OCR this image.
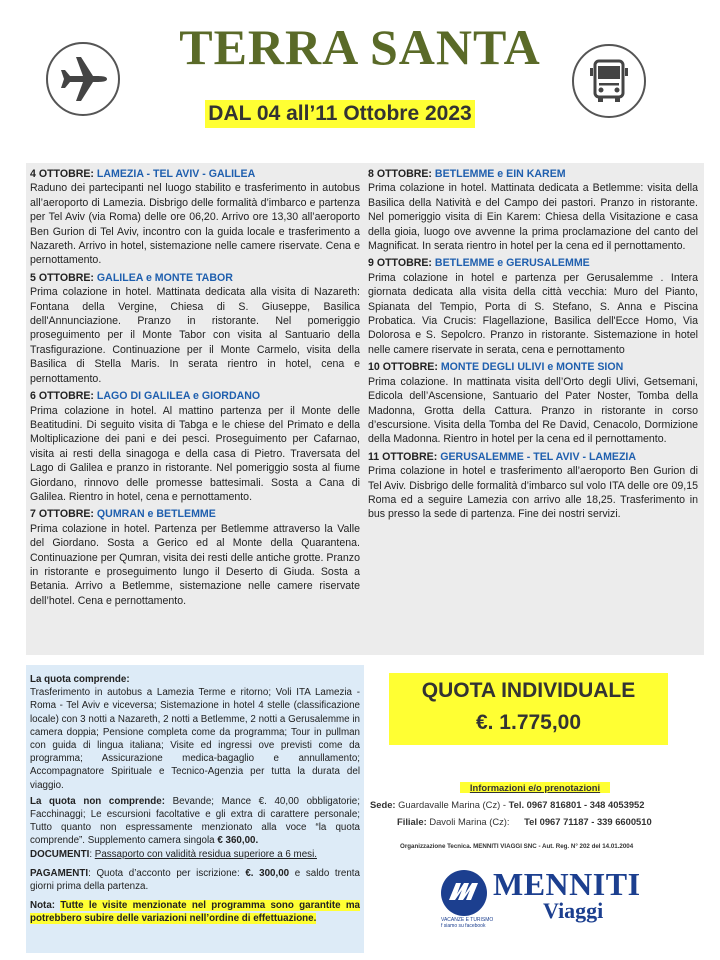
TERRA SANTA
DAL 04 all’11 Ottobre 2023
4 OTTOBRE: LAMEZIA - TEL AVIV - GALILEA
Raduno dei partecipanti nel luogo stabilito e trasferimento in autobus all’aeroporto di Lamezia. Disbrigo delle formalità d’imbarco e partenza per Tel Aviv (via Roma) delle ore 06,20. Arrivo ore 13,30 all’aeroporto Ben Gurion di Tel Aviv, incontro con la guida locale e trasferimento a Nazareth. Arrivo in hotel, sistemazione nelle camere riservate. Cena e pernottamento.
5 OTTOBRE: GALILEA e MONTE TABOR
Prima colazione in hotel. Mattinata dedicata alla visita di Nazareth: Fontana della Vergine, Chiesa di S. Giuseppe, Basilica dell'Annunciazione. Pranzo in ristorante. Nel pomeriggio proseguimento per il Monte Tabor con visita al Santuario della Trasfigurazione. Continuazione per il Monte Carmelo, visita della Basilica di Stella Maris. In serata rientro in hotel, cena e pernottamento.
6 OTTOBRE: LAGO DI GALILEA e GIORDANO
Prima colazione in hotel. Al mattino partenza per il Monte delle Beatitudini. Di seguito visita di Tabga e le chiese del Primato e della Moltiplicazione dei pani e dei pesci. Proseguimento per Cafarnao, visita ai resti della sinagoga e della casa di Pietro. Traversata del Lago di Galilea e pranzo in ristorante. Nel pomeriggio sosta al fiume Giordano, rinnovo delle promesse battesimali. Sosta a Cana di Galilea. Rientro in hotel, cena e pernottamento.
7 OTTOBRE: QUMRAN e BETLEMME
Prima colazione in hotel. Partenza per Betlemme attraverso la Valle del Giordano. Sosta a Gerico ed al Monte della Quarantena. Continuazione per Qumran, visita dei resti delle antiche grotte. Pranzo in ristorante e proseguimento lungo il Deserto di Giuda. Sosta a Betania. Arrivo a Betlemme, sistemazione nelle camere riservate dell’hotel. Cena e pernottamento.
8 OTTOBRE: BETLEMME e EIN KAREM
Prima colazione in hotel. Mattinata dedicata a Betlemme: visita della Basilica della Natività e del Campo dei pastori. Pranzo in ristorante. Nel pomeriggio visita di Ein Karem: Chiesa della Visitazione e casa della gioia, luogo ove avvenne la prima proclamazione del canto del Magnificat. In serata rientro in hotel per la cena ed il pernottamento.
9 OTTOBRE: BETLEMME e GERUSALEMME
Prima colazione in hotel e partenza per Gerusalemme . Intera giornata dedicata alla visita della città vecchia: Muro del Pianto, Spianata del Tempio, Porta di S. Stefano, S. Anna e Piscina Probatica. Via Crucis: Flagellazione, Basilica dell'Ecce Homo, Via Dolorosa e S. Sepolcro. Pranzo in ristorante. Sistemazione in hotel nelle camere riservate in serata, cena e pernottamento
10 OTTOBRE: MONTE DEGLI ULIVI e MONTE SION
Prima colazione. In mattinata visita dell’Orto degli Ulivi, Getsemani, Edicola dell’Ascensione, Santuario del Pater Noster, Tomba della Madonna, Grotta della Cattura. Pranzo in ristorante in corso d’escursione. Visita della Tomba del Re David, Cenacolo, Dormizione della Madonna. Rientro in hotel per la cena ed il pernottamento.
11 OTTOBRE: GERUSALEMME - TEL AVIV - LAMEZIA
Prima colazione in hotel e trasferimento all’aeroporto Ben Gurion di Tel Aviv. Disbrigo delle formalità d’imbarco sul volo ITA delle ore 09,15 Roma ed a seguire Lamezia con arrivo alle 18,25. Trasferimento in bus presso la sede di partenza. Fine dei nostri servizi.

La quota comprende:
Trasferimento in autobus a Lamezia Terme e ritorno; Voli ITA Lamezia - Roma - Tel Aviv e viceversa; Sistemazione in hotel 4 stelle (classificazione locale) con 3 notti a Nazareth, 2 notti a Betlemme, 2 notti a Gerusalemme in camera doppia; Pensione completa come da programma; Tour in pullman con guida di lingua italiana; Visite ed ingressi ove previsti come da programma; Assicurazione medica-bagaglio e annullamento; Accompagnatore Spirituale e Tecnico-Agenzia per tutta la durata del viaggio.

La quota non comprende: Bevande; Mance €. 40,00 obbligatorie; Facchinaggi; Le escursioni facoltative e gli extra di carattere personale; Tutto quanto non espressamente menzionato alla voce “la quota comprende”. Supplemento camera singola € 360,00.
DOCUMENTI: Passaporto con validità residua superiore a 6 mesi.

PAGAMENTI: Quota d’acconto per iscrizione: €. 300,00 e saldo trenta giorni prima della partenza.

Nota: Tutte le visite menzionate nel programma sono garantite ma potrebbero subire delle variazioni nell’ordine di effettuazione.

QUOTA INDIVIDUALE
€. 1.775,00
Informazioni e/o prenotazioni
Sede: Guardavalle Marina (Cz) - Tel. 0967 816801 - 348 4053952
Filiale: Davoli Marina (Cz): Tel 0967 71187 - 339 6600510
Organizzazione Tecnica. MENNITI VIAGGI SNC - Aut. Reg. N° 202 del 14.01.2004
MENNITI
Viaggi
VACANZE E TURISMO
f siamo su facebook
